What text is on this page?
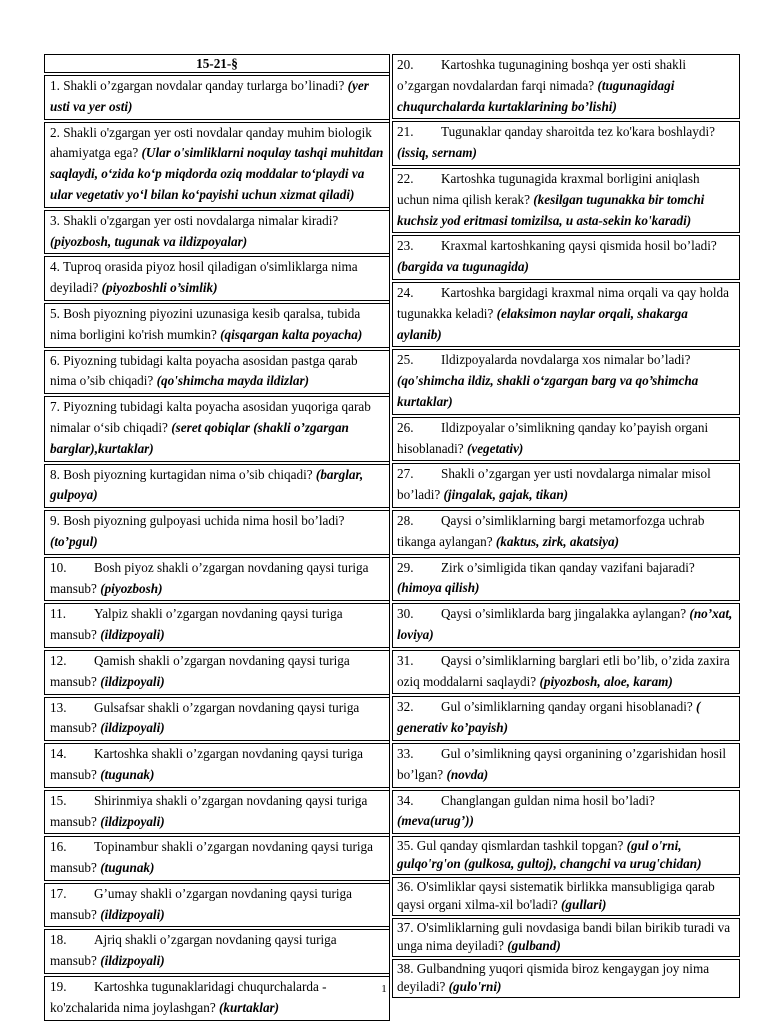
15-21-§
1. Shakli o’zgargan novdalar qanday turlarga bo’linadi? (yer usti va yer osti)
2. Shakli o'zgargan yer osti novdalar qanday muhim biologik ahamiyatga ega? (Ular o'simliklarni noqulay tashqi muhitdan saqlaydi, o‘zida ko‘p miqdorda oziq moddalar to‘playdi va ular vegetativ yo‘l bilan ko‘payishi uchun xizmat qiladi)
3. Shakli o'zgargan yer osti novdalarga nimalar kiradi? (piyozbosh, tugunak va ildizpoyalar)
4. Tuproq orasida piyoz hosil qiladigan o'simliklarga nima deyiladi? (piyozboshli o’simlik)
5. Bosh piyozning piyozini uzunasiga kesib qaralsa, tubida nima borligini ko'rish mumkin? (qisqargan kalta poyacha)
6. Piyozning tubidagi kalta poyacha asosidan pastga qarab nima o’sib chiqadi? (qo'shimcha mayda ildizlar)
7. Piyozning tubidagi kalta poyacha asosidan yuqoriga qarab nimalar o‘sib chiqadi? (seret qobiqlar (shakli o’zgargan barglar),kurtaklar)
8. Bosh piyozning kurtagidan nima o’sib chiqadi? (barglar, gulpoya)
9. Bosh piyozning gulpoyasi uchida nima hosil bo’ladi? (to’pgul)
10. Bosh piyoz shakli o’zgargan novdaning qaysi turiga mansub? (piyozbosh)
11. Yalpiz shakli o’zgargan novdaning qaysi turiga mansub? (ildizpoyali)
12. Qamish shakli o’zgargan novdaning qaysi turiga mansub? (ildizpoyali)
13. Gulsafsar shakli o’zgargan novdaning qaysi turiga mansub? (ildizpoyali)
14. Kartoshka shakli o’zgargan novdaning qaysi turiga mansub? (tugunak)
15. Shirinmiya shakli o’zgargan novdaning qaysi turiga mansub? (ildizpoyali)
16. Topinambur shakli o’zgargan novdaning qaysi turiga mansub? (tugunak)
17. G’umay shakli o’zgargan novdaning qaysi turiga mansub? (ildizpoyali)
18. Ajriq shakli o’zgargan novdaning qaysi turiga mansub? (ildizpoyali)
19. Kartoshka tugunaklaridagi chuqurchalarda - ko'zchalarida nima joylashgan? (kurtaklar)
20. Kartoshka tugunagining boshqa yer osti shakli o’zgargan novdalardan farqi nimada? (tugunagidagi chuqurchalarda kurtaklarining bo’lishi)
21. Tugunaklar qanday sharoitda tez ko'kara boshlaydi? (issiq, sernam)
22. Kartoshka tugunagida kraxmal borligini aniqlash uchun nima qilish kerak? (kesilgan tugunakka bir tomchi kuchsiz yod eritmasi tomizilsa, u asta-sekin ko'karadi)
23. Kraxmal kartoshkaning qaysi qismida hosil bo’ladi? (bargida va tugunagida)
24. Kartoshka bargidagi kraxmal nima orqali va qay holda tugunakka keladi? (elaksimon naylar orqali, shakarga aylanib)
25. Ildizpoyalarda novdalarga xos nimalar bo’ladi? (qo'shimcha ildiz, shakli o‘zgargan barg va qo’shimcha kurtaklar)
26. Ildizpoyalar o’simlikning qanday ko’payish organi hisoblanadi? (vegetativ)
27. Shakli o’zgargan yer usti novdalarga nimalar misol bo’ladi? (jingalak, gajak, tikan)
28. Qaysi o’simliklarning bargi metamorfozga uchrab tikanga aylangan? (kaktus, zirk, akatsiya)
29. Zirk o’simligida tikan qanday vazifani bajaradi? (himoya qilish)
30. Qaysi o’simliklarda barg jingalakka aylangan? (no’xat, loviya)
31. Qaysi o’simliklarning barglari etli bo’lib, o’zida zaxira oziq moddalarni saqlaydi? (piyozbosh, aloe, karam)
32. Gul o’simliklarning qanday organi hisoblanadi? ( generativ ko’payish)
33. Gul o’simlikning qaysi organining o’zgarishidan hosil bo’lgan? (novda)
34. Changlangan guldan nima hosil bo’ladi? (meva(urug’))
35. Gul qanday qismlardan tashkil topgan? (gul o'rni, gulqo'rg'on (gulkosa, gultoj), changchi va urug'chidan)
36. O'simliklar qaysi sistematik birlikka mansubligiga qarab qaysi organi xilma-xil bo'ladi? (gullari)
37. O'simliklarning guli novdasiga bandi bilan birikib turadi va unga nima deyiladi? (gulband)
38. Gulbandning yuqori qismida biroz kengaygan joy nima deyiladi? (gulo'rni)
1
